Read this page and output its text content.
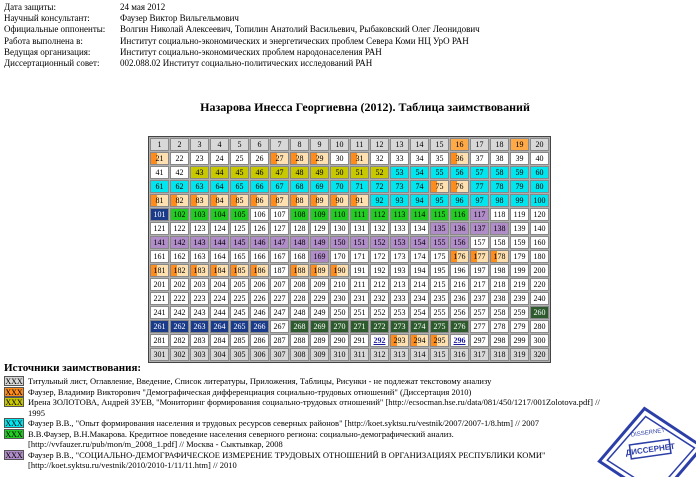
Дата защиты:	24 мая 2012
Научный консультант:	Фаузер Виктор Вильгельмович
Официальные оппоненты:	Волгин Николай Алексеевич, Топилин Анатолий Васильевич, Рыбаковский Олег Леонидович
Работа выполнена в:	Институт социально-экономических и энергетических проблем Севера Коми НЦ УрО РАН
Ведущая организация:	Институт социально-экономических проблем народонаселения РАН
Диссертационный совет:	002.088.02 Институт социально-политических исследований РАН
Назарова Инесса Георгиевна (2012). Таблица заимствований
1	2	3	4	5	6	7	8	9	10	11	12	13	14	15	16	17	18	19	20
21	22	23	24	25	26	27	28	29	30	31	32	33	34	35	36	37	38	39	40
41	42	43	44	45	46	47	48	49	50	51	52	53	54	55	56	57	58	59	60
61	62	63	64	65	66	67	68	69	70	71	72	73	74	75	76	77	78	79	80
81	82	83	84	85	86	87	88	89	90	91	92	93	94	95	96	97	98	99	100
101	102	103	104	105	106	107	108	109	110	111	112	113	114	115	116	117	118	119	120
121	122	123	124	125	126	127	128	129	130	131	132	133	134	135	136	137	138	139	140
141	142	143	144	145	146	147	148	149	150	151	152	153	154	155	156	157	158	159	160
161	162	163	164	165	166	167	168	169	170	171	172	173	174	175	176	177	178	179	180
181	182	183	184	185	186	187	188	189	190	191	192	193	194	195	196	197	198	199	200
201	202	203	204	205	206	207	208	209	210	211	212	213	214	215	216	217	218	219	220
221	222	223	224	225	226	227	228	229	230	231	232	233	234	235	236	237	238	239	240
241	242	243	244	245	246	247	248	249	250	251	252	253	254	255	256	257	258	259	260
261	262	263	264	265	266	267	268	269	270	271	272	273	274	275	276	277	278	279	280
281	282	283	284	285	286	287	288	289	290	291	292	293	294	295	296	297	298	299	300
301	302	303	304	305	306	307	308	309	310	311	312	313	314	315	316	317	318	319	320
Источники заимствования:
XXX Титульный лист, Оглавление, Введение, Список литературы, Приложения, Таблицы, Рисунки - не подлежат текстовому анализу
XXX Фаузер, Владимир Викторович "Демографическая дифференциация социально-трудовых отношений" (Диссертация 2010)
XXX Ирена ЗОЛОТОВА, Андрей ЗУЕВ, "Мониторинг формирования социально-трудовых отношений" [http://ecsocman.hse.ru/data/081/450/1217/001Zolotova.pdf] // 1995
XXX Фаузер В.В., "Опыт формирования населения и трудовых ресурсов северных районов" [http://koet.syktsu.ru/vestnik/2007/2007-1/8.htm] // 2007
XXX В.В.Фаузер, В.Н.Макарова. Кредитное поведение населения северного региона: социально-демографический анализ. [http://vvfauzer.ru/pub/mon/m_2008_1.pdf] // Москва - Сыктывкар, 2008
XXX Фаузер В.В., "СОЦИАЛЬНО-ДЕМОГРАФИЧЕСКОЕ ИЗМЕРЕНИЕ ТРУДОВЫХ ОТНОШЕНИЙ В ОРГАНИЗАЦИЯХ РЕСПУБЛИКИ КОМИ" [http://koet.syktsu.ru/vestnik/2010/2010-1/11/11.htm] // 2010
ДИССЕРНЕТ
DISSERNET
